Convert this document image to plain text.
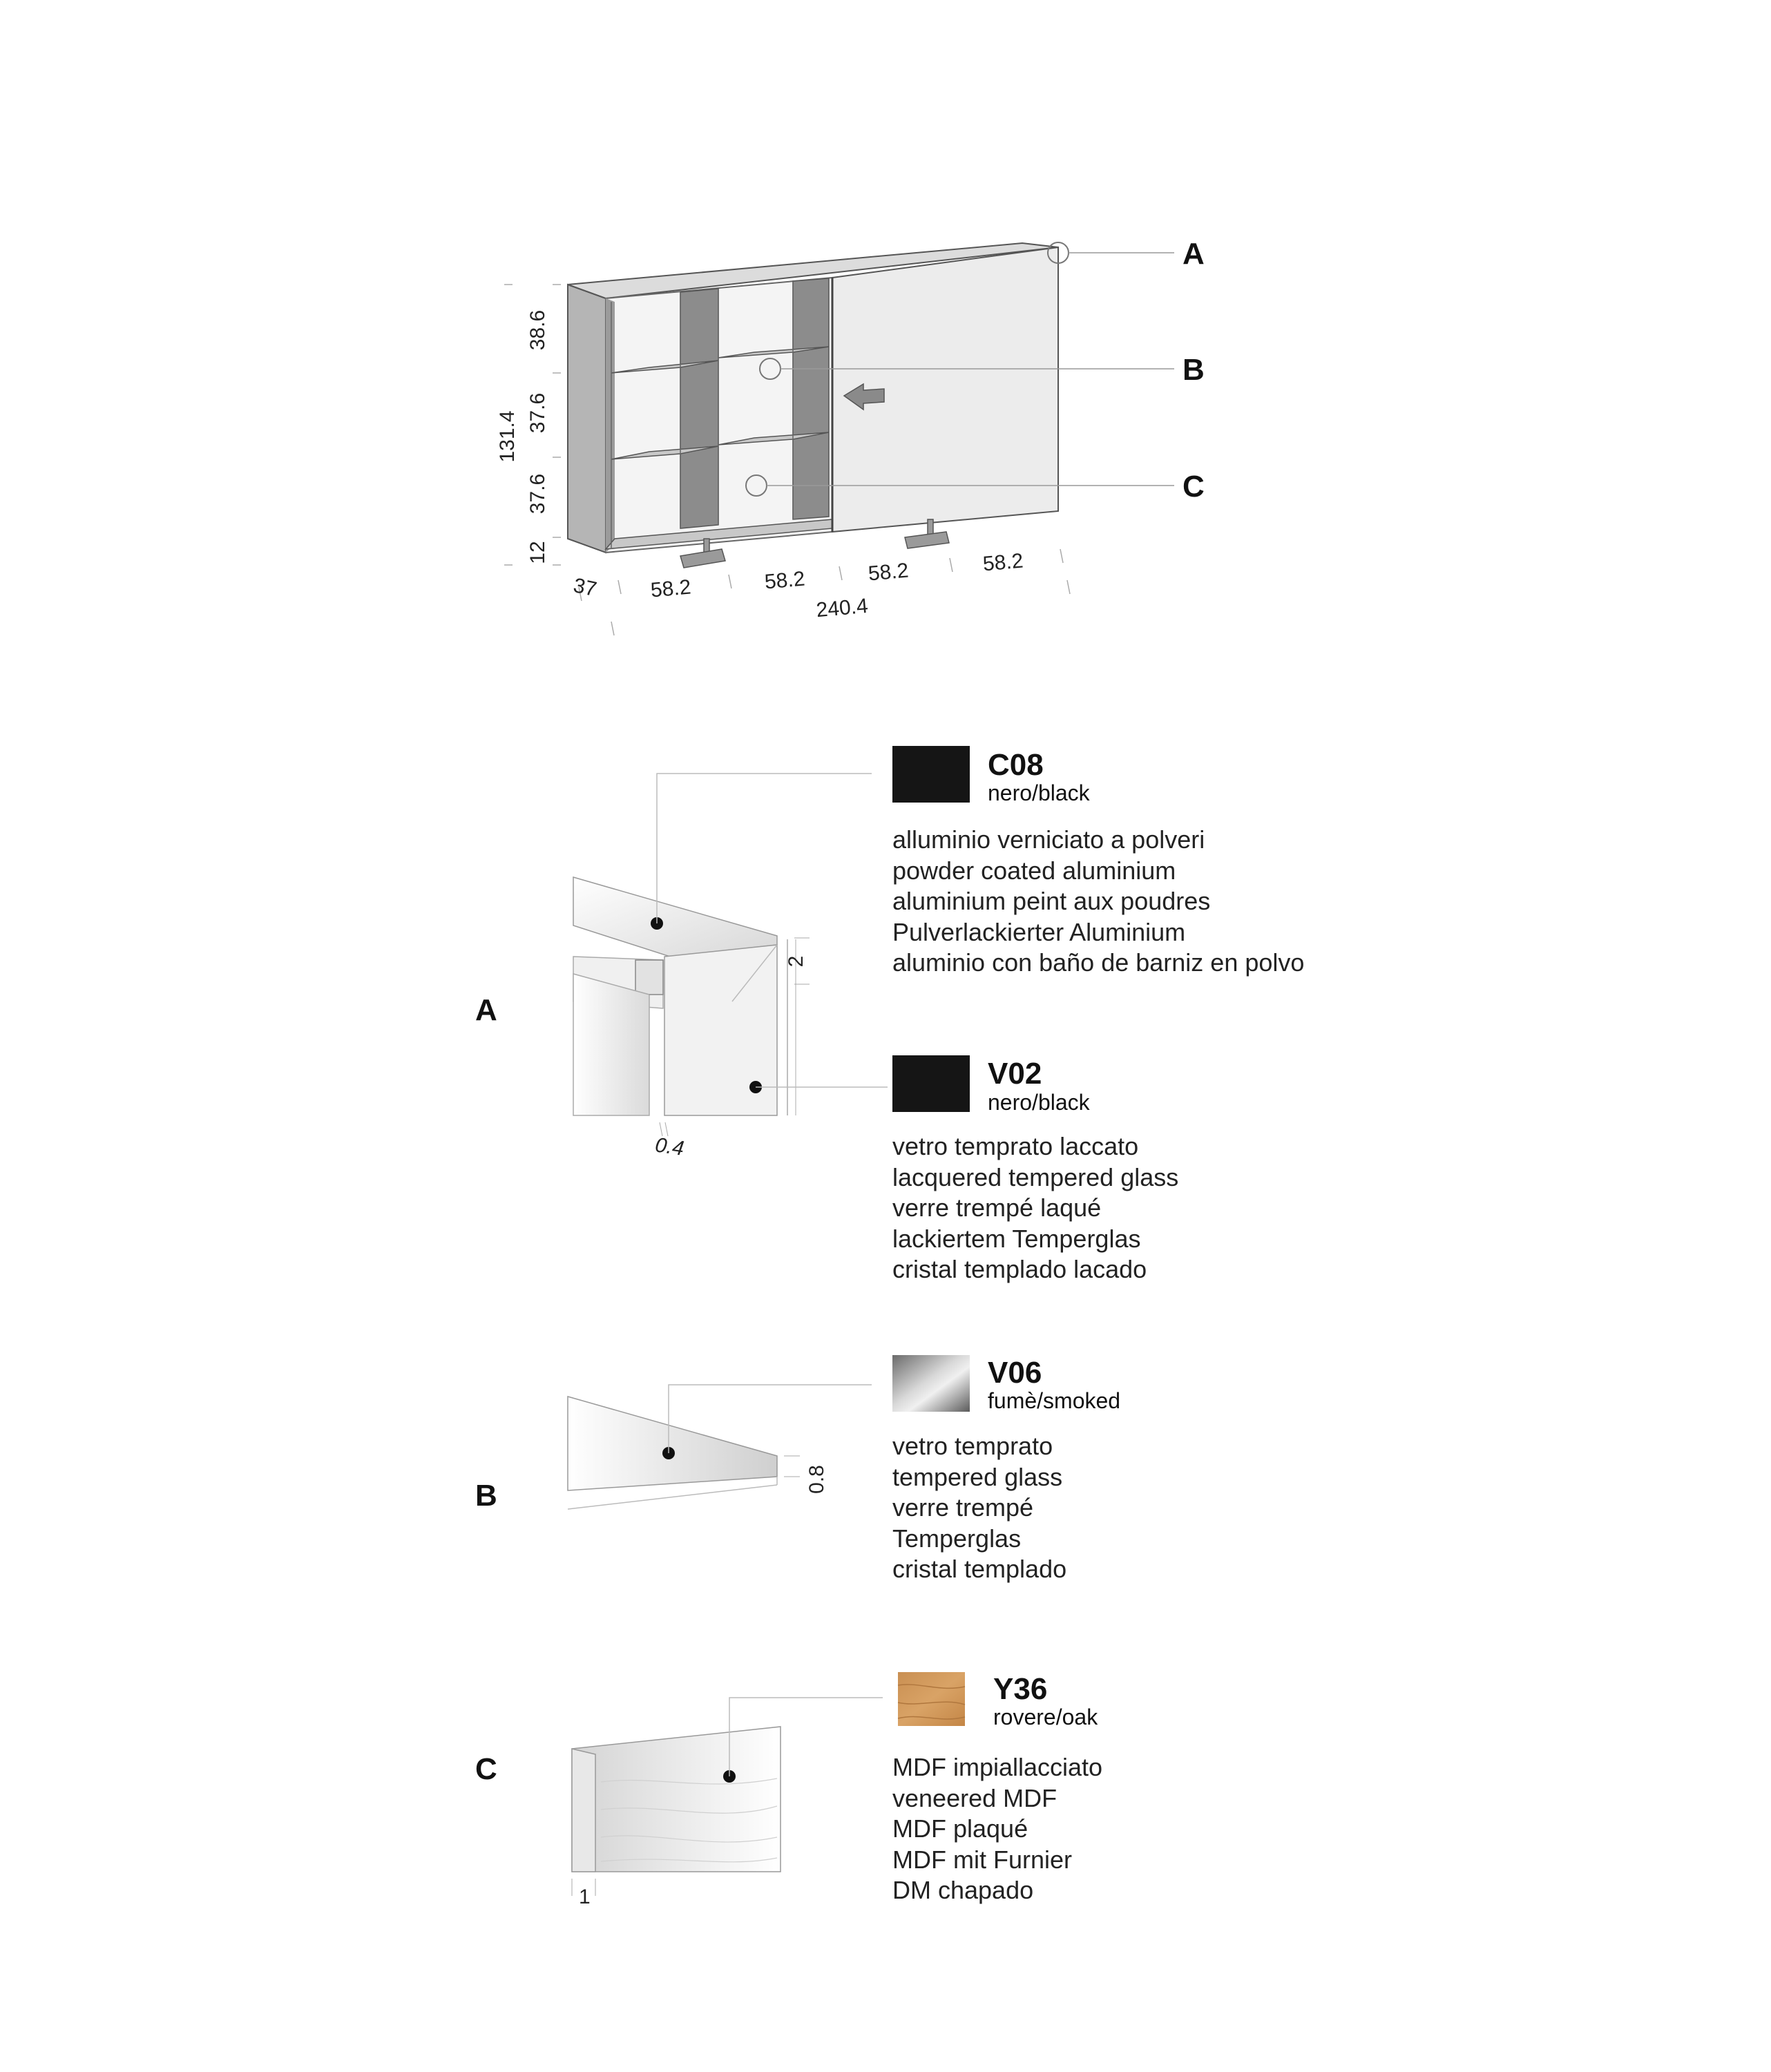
A
B
C
38.6
37.6
37.6
12
131.4
37 58.2	58.2	58.2	58.2
240.4
2
0.4
0.8
1
A
B
C
C08
nero/black
alluminio verniciato a polveri
powder coated aluminium
aluminium peint aux poudres
Pulverlackierter Aluminium
aluminio con baño de barniz en polvo
V02
nero/black
vetro temprato laccato
lacquered tempered glass
verre trempé laqué
lackiertem Temperglas
cristal templado lacado
V06
fumè/smoked
vetro temprato
tempered glass
verre trempé
Temperglas
cristal templado
Y36
rovere/oak
MDF impiallacciato
veneered MDF
MDF plaqué
MDF mit Furnier
DM chapado
